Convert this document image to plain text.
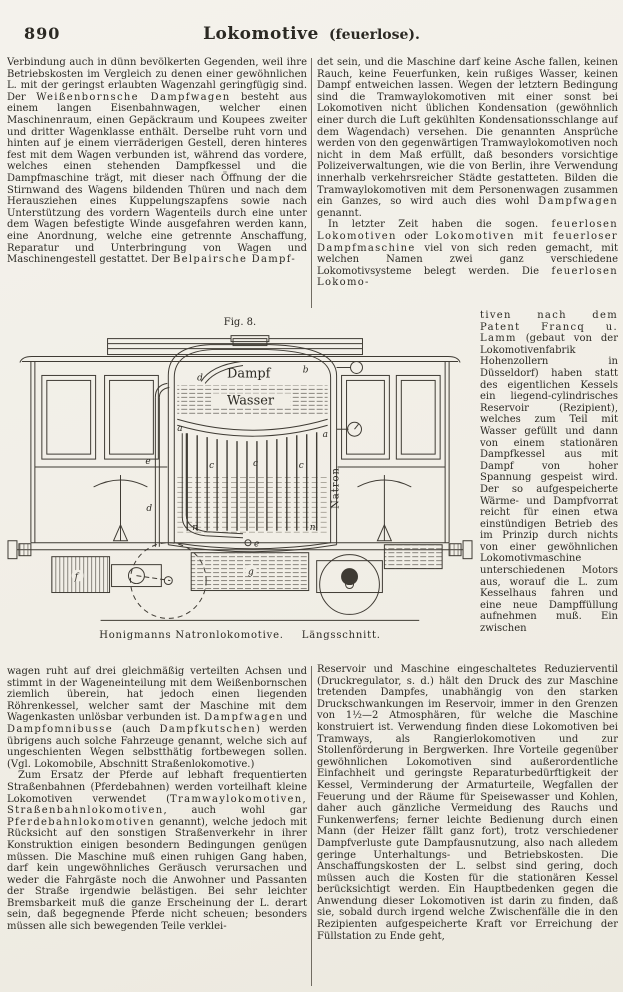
890	Lokomotive (feuerlose).

Verbindung auch in dünn bevölkerten Gegenden, weil ihre Betriebskosten im Vergleich zu denen einer gewöhnlichen L. mit der geringst erlaubten Wagenzahl geringfügig sind. Der Weißenbornsche Dampfwagen besteht aus einem langen Eisenbahnwagen, welcher einen Maschinenraum, einen Gepäckraum und Koupees zweiter und dritter Wagenklasse enthält. Derselbe ruht vorn und hinten auf je einem vierräderigen Gestell, deren hinteres fest mit dem Wagen verbunden ist, während das vordere, welches einen stehenden Dampfkessel und die Dampfmaschine trägt, mit dieser nach Öffnung der die Stirnwand des Wagens bildenden Thüren und nach dem Herausziehen eines Kuppelungszapfens sowie nach Unterstützung des vordern Wagenteils durch eine unter dem Wagen befestigte Winde ausgefahren werden kann, eine Anordnung, welche eine getrennte Anschaffung, Reparatur und Unterbringung von Wagen und Maschinengestell gestattet. Der Belpairsche Dampf-

det sein, und die Maschine darf keine Asche fallen, keinen Rauch, keine Feuerfunken, kein rußiges Wasser, keinen Dampf entweichen lassen. Wegen der letztern Bedingung sind die Tramwaylokomotiven mit einer sonst bei Lokomotiven nicht üblichen Kondensation (gewöhnlich einer durch die Luft gekühlten Kondensationsschlange auf dem Wagendach) versehen. Die genannten Ansprüche werden von den gegenwärtigen Tramwaylokomotiven noch nicht in dem Maß erfüllt, daß besonders vorsichtige Polizeiverwaltungen, wie die von Berlin, ihre Verwendung innerhalb verkehrsreicher Städte gestatteten. Bilden die Tramwaylokomotiven mit dem Personenwagen zusammen ein Ganzes, so wird auch dies wohl Dampfwagen genannt.

In letzter Zeit haben die sogen. feuerlosen Lokomotiven oder Lokomotiven mit feuerloser Dampfmaschine viel von sich reden gemacht, mit welchen Namen zwei ganz verschiedene Lokomotivsysteme belegt werden. Die feuerlosen Lokomo-

tiven nach dem Patent Francq u. Lamm (gebaut von der Lokomotivenfabrik Hohenzollern in Düsseldorf) haben statt des eigentlichen Kessels ein liegend-cylindrisches Reservoir (Rezipient), welches zum Teil mit Wasser gefüllt und dann von einem stationären Dampfkessel aus mit Dampf von hoher Spannung gespeist wird. Der so aufgespeicherte Wärme- und Dampfvorrat reicht für einen etwa einstündigen Betrieb des im Prinzip durch nichts von einer gewöhnlichen Lokomotivmaschine unterschiedenen Motors aus, worauf die L. zum Kesselhaus fahren und eine neue Dampffüllung aufnehmen muß. Ein zwischen

wagen ruht auf drei gleichmäßig verteilten Achsen und stimmt in der Wageneinteilung mit dem Weißenbornschen ziemlich überein, hat jedoch einen liegenden Röhrenkessel, welcher samt der Maschine mit dem Wagenkasten unlösbar verbunden ist. Dampfwagen und Dampfomnibusse (auch Dampfkutschen) werden übrigens auch solche Fahrzeuge genannt, welche sich auf ungeschienten Wegen selbstthätig fortbewegen sollen. (Vgl. Lokomobile, Abschnitt Straßenlokomotive.)

Zum Ersatz der Pferde auf lebhaft frequentierten Straßenbahnen (Pferdebahnen) werden vorteilhaft kleine Lokomotiven verwendet (Tramwaylokomotiven, Straßenbahnlokomotiven, auch wohl gar Pferdebahnlokomotiven genannt), welche jedoch mit Rücksicht auf den sonstigen Straßenverkehr in ihrer Konstruktion einigen besondern Bedingungen genügen müssen. Die Maschine muß einen ruhigen Gang haben, darf kein ungewöhnliches Geräusch verursachen und weder die Fahrgäste noch die Anwohner und Passanten der Straße irgendwie belästigen. Bei sehr leichter Bremsbarkeit muß die ganze Erscheinung der L. derart sein, daß begegnende Pferde nicht scheuen; besonders müssen alle sich bewegenden Teile verklei-

Reservoir und Maschine eingeschaltetes Reduzierventil (Druckregulator, s. d.) hält den Druck des zur Maschine tretenden Dampfes, unabhängig von den starken Druckschwankungen im Reservoir, immer in den Grenzen von 1½—2 Atmosphären, für welche die Maschine konstruiert ist. Verwendung finden diese Lokomotiven bei Tramways, als Rangierlokomotiven und zur Stollenförderung in Bergwerken. Ihre Vorteile gegenüber gewöhnlichen Lokomotiven sind außerordentliche Einfachheit und geringste Reparaturbedürftigkeit der Kessel, Verminderung der Armaturteile, Wegfallen der Feuerung und der Räume für Speisewasser und Kohlen, daher auch gänzliche Vermeidung des Rauchs und Funkenwerfens; ferner leichte Bedienung durch einen Mann (der Heizer fällt ganz fort), trotz verschiedener Dampfverluste gute Dampfausnutzung, also nach alledem geringe Unterhaltungs- und Betriebskosten. Die Anschaffungskosten der L. selbst sind gering, doch müssen auch die Kosten für die stationären Kessel berücksichtigt werden. Ein Hauptbedenken gegen die Anwendung dieser Lokomotiven ist darin zu finden, daß sie, sobald durch irgend welche Zwischenfälle die in den Rezipienten aufgespeicherte Kraft vor Erreichung der Füllstation zu Ende geht,

Fig. 8.
Dampf
Wasser
Natron
d
b
a
a
c	c	c
e
d
n	n
e
f	g
Honigmanns Natronlokomotive. Längsschnitt.
